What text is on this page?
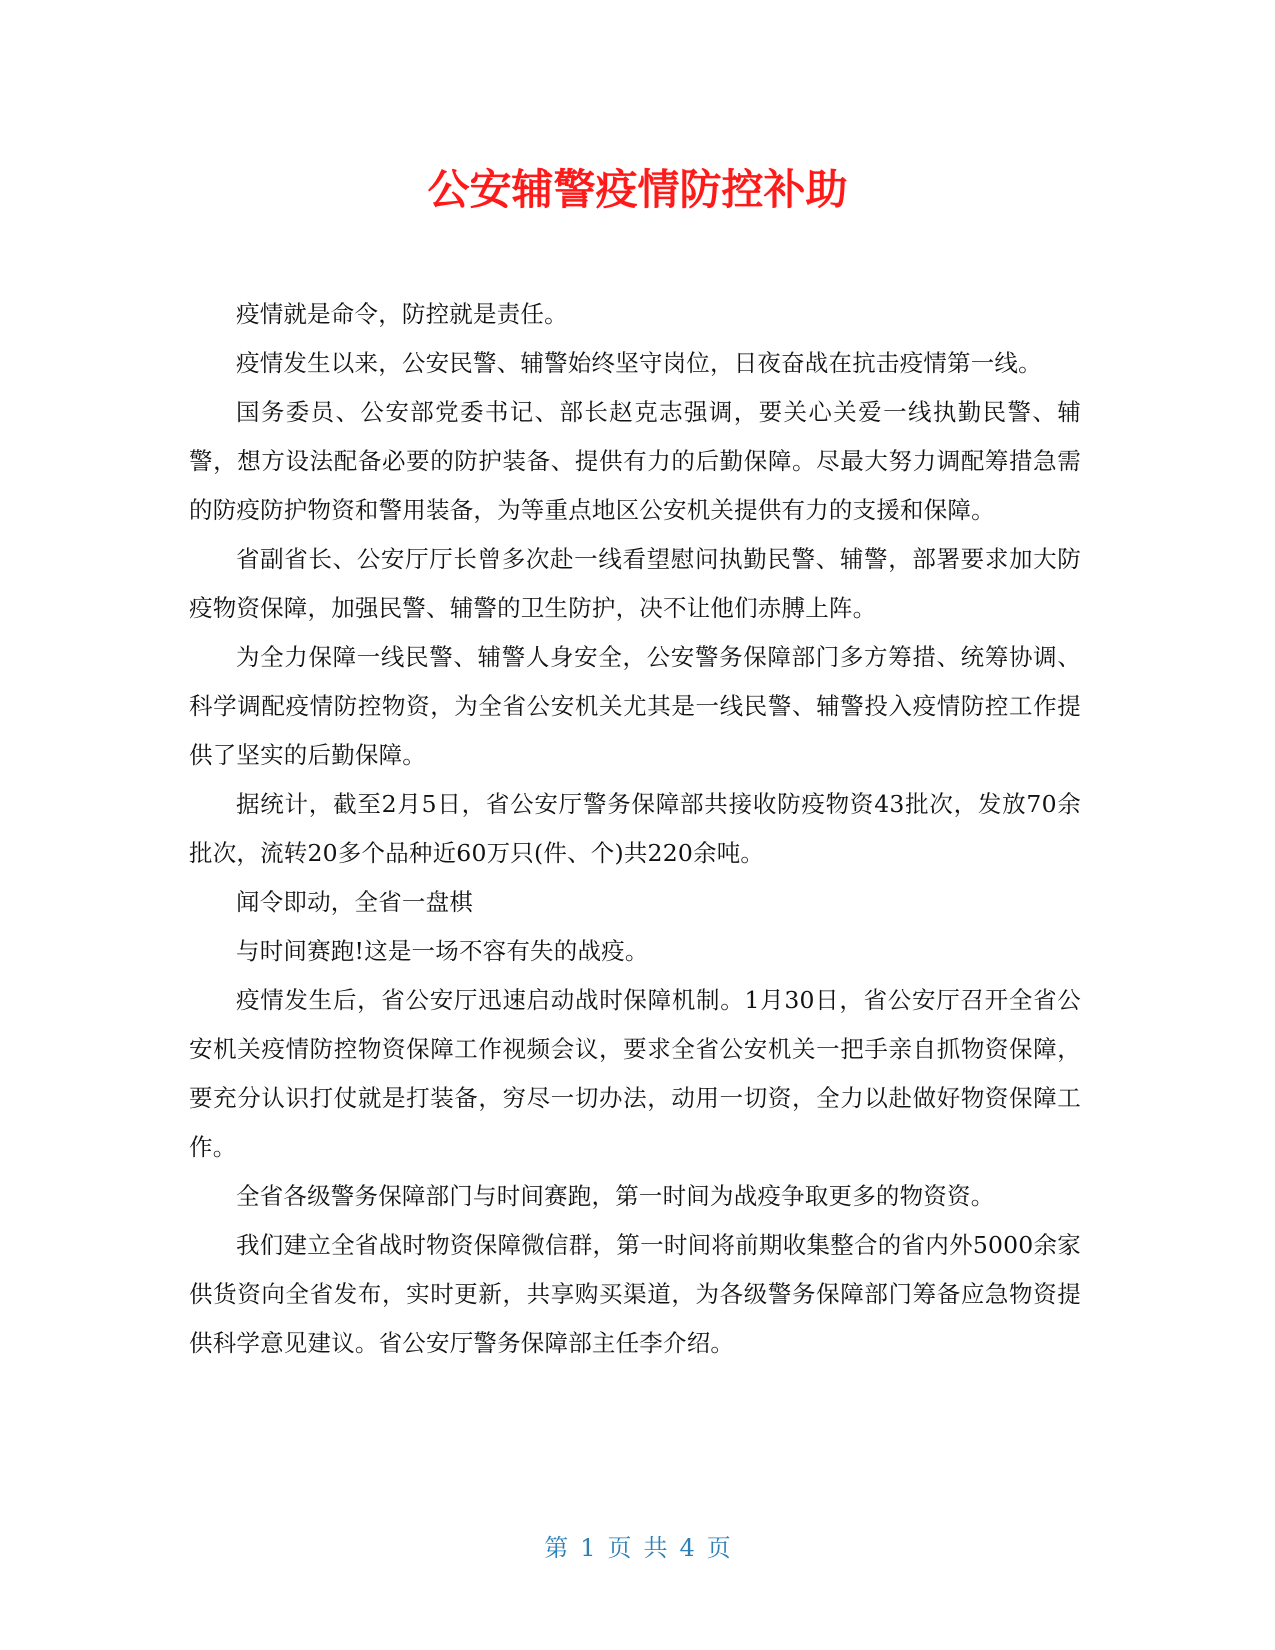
公安辅警疫情防控补助

疫情就是命令，防控就是责任。

疫情发生以来，公安民警、辅警始终坚守岗位，日夜奋战在抗击疫情第一线。

国务委员、公安部党委书记、部长赵克志强调，要关心关爱一线执勤民警、辅警，想方设法配备必要的防护装备、提供有力的后勤保障。尽最大努力调配筹措急需的防疫防护物资和警用装备，为等重点地区公安机关提供有力的支援和保障。

省副省长、公安厅厅长曾多次赴一线看望慰问执勤民警、辅警，部署要求加大防疫物资保障，加强民警、辅警的卫生防护，决不让他们赤膊上阵。

为全力保障一线民警、辅警人身安全，公安警务保障部门多方筹措、统筹协调、科学调配疫情防控物资，为全省公安机关尤其是一线民警、辅警投入疫情防控工作提供了坚实的后勤保障。

据统计，截至2月5日，省公安厅警务保障部共接收防疫物资43批次，发放70余批次，流转20多个品种近60万只(件、个)共220余吨。

闻令即动，全省一盘棋

与时间赛跑!这是一场不容有失的战疫。

疫情发生后，省公安厅迅速启动战时保障机制。1月30日，省公安厅召开全省公安机关疫情防控物资保障工作视频会议，要求全省公安机关一把手亲自抓物资保障，要充分认识打仗就是打装备，穷尽一切办法，动用一切资，全力以赴做好物资保障工作。

全省各级警务保障部门与时间赛跑，第一时间为战疫争取更多的物资资。

我们建立全省战时物资保障微信群，第一时间将前期收集整合的省内外5000余家供货资向全省发布，实时更新，共享购买渠道，为各级警务保障部门筹备应急物资提供科学意见建议。省公安厅警务保障部主任李介绍。

第 1 页 共 4 页
